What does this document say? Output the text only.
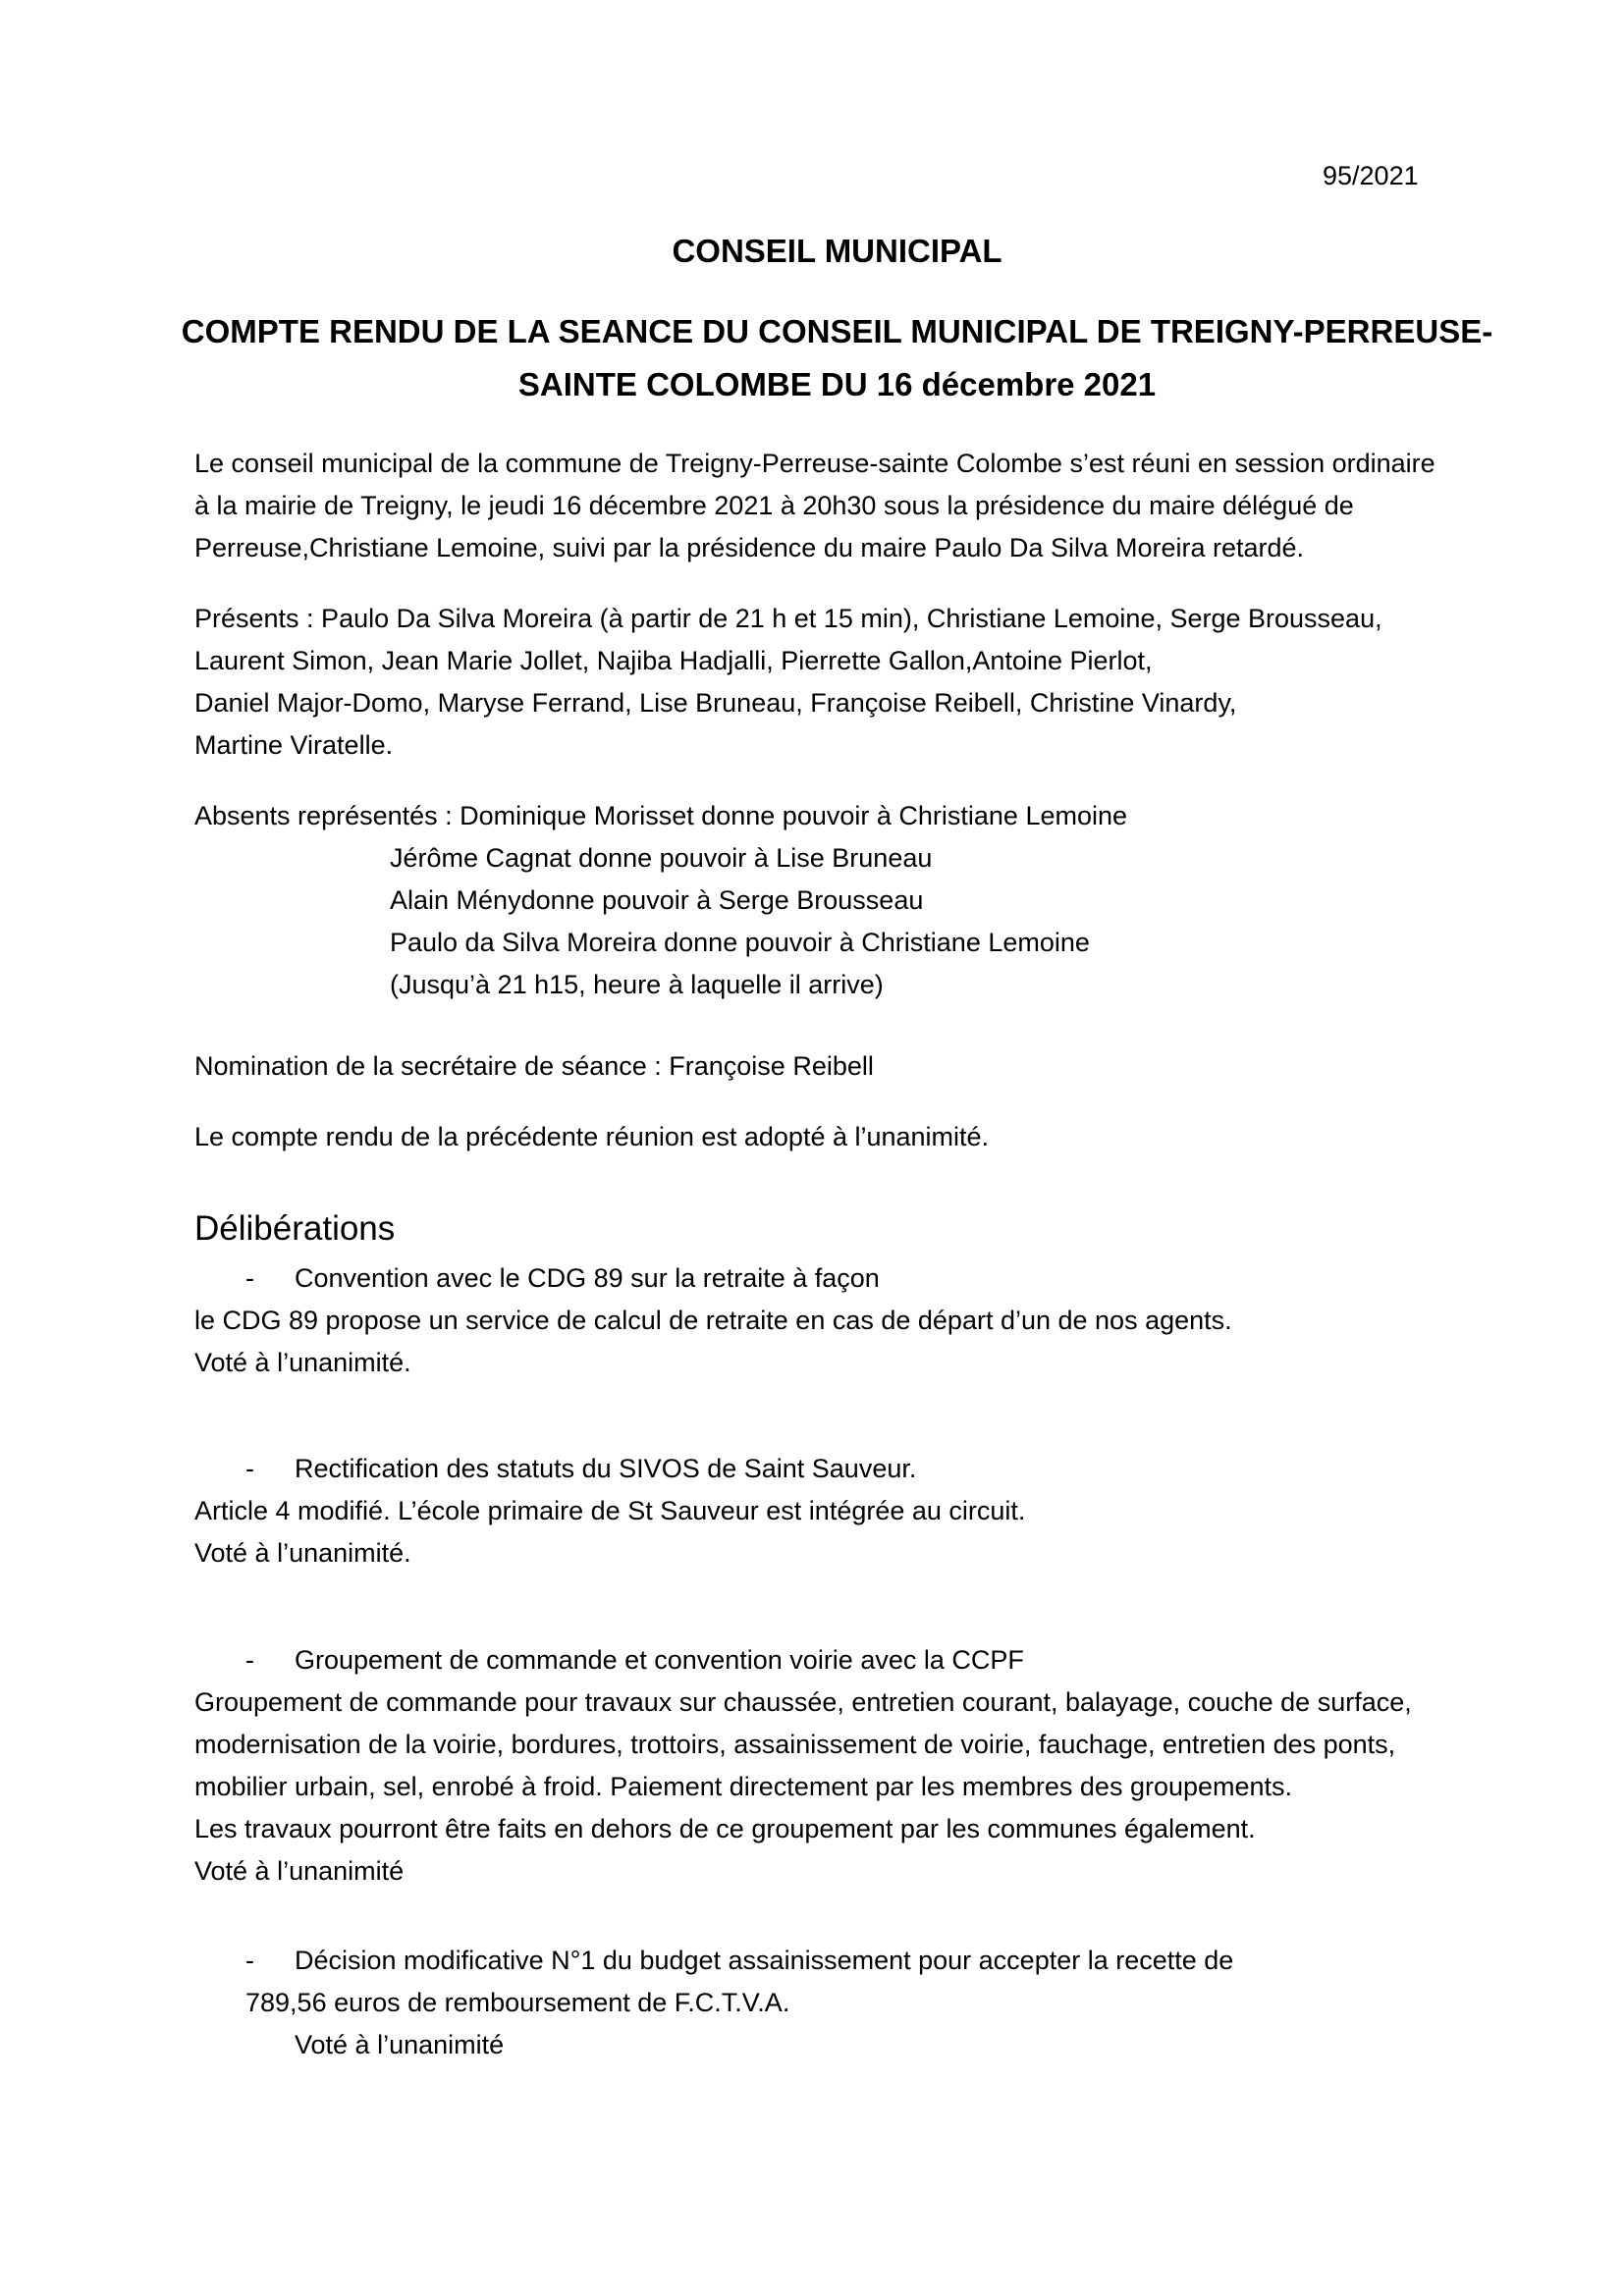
95/2021
CONSEIL MUNICIPAL
COMPTE RENDU DE LA SEANCE DU CONSEIL MUNICIPAL DE TREIGNY-PERREUSE-
SAINTE COLOMBE DU 16 décembre 2021
Le conseil municipal de la commune de Treigny-Perreuse-sainte Colombe s’est réuni en session ordinaire
à la mairie de Treigny, le jeudi 16 décembre 2021 à 20h30 sous la présidence du maire délégué de
Perreuse,Christiane Lemoine, suivi par la présidence du maire Paulo Da Silva Moreira retardé.
Présents : Paulo Da Silva Moreira (à partir de 21 h et 15 min), Christiane Lemoine, Serge Brousseau,
Laurent Simon, Jean Marie Jollet, Najiba Hadjalli, Pierrette Gallon,Antoine Pierlot,
Daniel Major-Domo, Maryse Ferrand, Lise Bruneau, Françoise Reibell, Christine Vinardy,
Martine Viratelle.
Absents représentés : Dominique Morisset donne pouvoir à Christiane Lemoine
Jérôme Cagnat donne pouvoir à Lise Bruneau
Alain Ménydonne pouvoir à Serge Brousseau
Paulo da Silva Moreira donne pouvoir à Christiane Lemoine
(Jusqu’à 21 h15, heure à laquelle il arrive)
Nomination de la secrétaire de séance : Françoise Reibell
Le compte rendu de la précédente réunion est adopté à l’unanimité.
Délibérations
- Convention avec le CDG 89 sur la retraite à façon
le CDG 89 propose un service de calcul de retraite en cas de départ d’un de nos agents.
Voté à l’unanimité.
- Rectification des statuts du SIVOS de Saint Sauveur.
Article 4 modifié. L’école primaire de St Sauveur est intégrée au circuit.
Voté à l’unanimité.
- Groupement de commande et convention voirie avec la CCPF
Groupement de commande pour travaux sur chaussée, entretien courant, balayage, couche de surface,
modernisation de la voirie, bordures, trottoirs, assainissement de voirie, fauchage, entretien des ponts,
mobilier urbain, sel, enrobé à froid. Paiement directement par les membres des groupements.
Les travaux pourront être faits en dehors de ce groupement par les communes également.
Voté à l’unanimité
- Décision modificative N°1 du budget assainissement pour accepter la recette de
789,56 euros de remboursement de F.C.T.V.A.
Voté à l’unanimité
